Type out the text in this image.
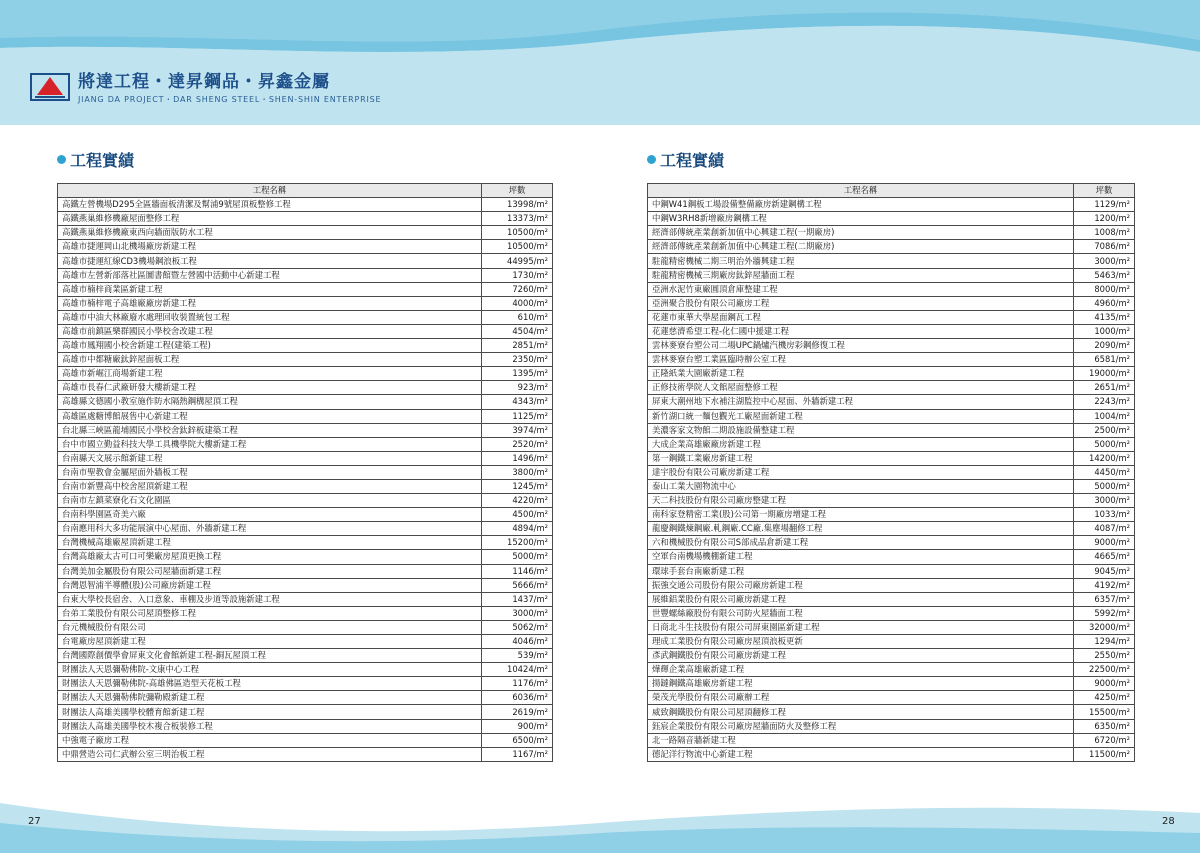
將達工程・達昇鋼品・昇鑫金屬
JIANG DA PROJECT・DAR SHENG STEEL・SHEN-SHIN ENTERPRISE
工程實績	工程實績
工程名稱	坪數
高鐵左營機場D295全區牆面板清潔及幫浦9號屋頂板整修工程	13998/m²
高鐵燕巢維修機廠屋面整修工程	13373/m²
高鐵燕巢維修機廠東西向牆面版防水工程	10500/m²
高雄市捷運岡山北機場廠房新建工程	10500/m²
高雄市捷運紅線CD3機場鋼浪板工程	44995/m²
高雄市左營新部落社區圖書館暨左營國中活動中心新建工程	1730/m²
高雄市楠梓商業區新建工程	7260/m²
高雄市楠梓電子高雄廠廠房新建工程	4000/m²
高雄市中油大林廠廢水處理回收裝置統包工程	610/m²
高雄市前鎮區樂群國民小學校舍改建工程	4504/m²
高雄市鳳翔國小校舍新建工程(建築工程)	2851/m²
高雄市中都糖廠鈦鋅屋面板工程	2350/m²
高雄市新崛江商場新建工程	1395/m²
高雄市長春仁武廠研發大樓新建工程	923/m²
高雄縣文德國小教室施作防水隔熱鋼構屋頂工程	4343/m²
高雄區處糖博館展售中心新建工程	1125/m²
台北縣三峽區龍埔國民小學校舍鈦鋅板建築工程	3974/m²
台中市國立勤益科技大學工具機學院大樓新建工程	2520/m²
台南縣天文展示館新建工程	1496/m²
台南市聖教會金屬屋面外牆板工程	3800/m²
台南市新豐高中校舍屋頂新建工程	1245/m²
台南市左鎮菜寮化石文化園區	4220/m²
台南科學園區奇美六廠	4500/m²
台南應用科大多功能展演中心屋面、外牆新建工程	4894/m²
台灣機械高雄廠屋頂新建工程	15200/m²
台灣高雄廠太古可口可樂廠房屋頂更換工程	5000/m²
台灣美加金屬股份有限公司屋牆面新建工程	1146/m²
台灣恩智浦半導體(股)公司廠房新建工程	5666/m²
台東大學校長宿舍、入口意象、車棚及步道等設施新建工程	1437/m²
台弟工業股份有限公司屋頂整修工程	3000/m²
台元機械股份有限公司	5062/m²
台電廠房屋頂新建工程	4046/m²
台灣國際創價學會屏東文化會館新建工程-銅瓦屋頂工程	539/m²
財團法人天恩彌勒佛院-文康中心工程	10424/m²
財團法人天恩彌勒佛院-高雄佛區造型天花板工程	1176/m²
財團法人天恩彌勒佛院彌勒殿新建工程	6036/m²
財團法人高雄美國學校體育館新建工程	2619/m²
財團法人高雄美國學校木複合板裝修工程	900/m²
中強電子廠房工程	6500/m²
中鼎營造公司仁武辦公室三明治板工程	1167/m²
工程名稱	坪數
中鋼W41鋼板工場設備整備廠房新建鋼構工程	1129/m²
中鋼W3RH8新增廠房鋼構工程	1200/m²
經濟部傳統產業創新加值中心興建工程(一期廠房)	1008/m²
經濟部傳統產業創新加值中心興建工程(二期廠房)	7086/m²
駐龍精密機械二期三明治外牆興建工程	3000/m²
駐龍精密機械三期廠房鈦鋅屋牆面工程	5463/m²
亞洲水泥竹東廠圓頂倉庫整建工程	8000/m²
亞洲聚合股份有限公司廠房工程	4960/m²
花蓮市東華大學屋面鋼瓦工程	4135/m²
花蓮慈濟希望工程-化仁國中援建工程	1000/m²
雲林麥寮台塑公司二場UPC鍋爐汽機房彩鋼修復工程	2090/m²
雲林麥寮台塑工業區臨時辦公室工程	6581/m²
正隆紙業大園廠新建工程	19000/m²
正修技術學院人文館屋面整修工程	2651/m²
屏東大潮州地下水補注湖監控中心屋面、外牆新建工程	2243/m²
新竹湖口統一麵包觀光工廠屋面新建工程	1004/m²
美濃客家文物館二期設施設備整建工程	2500/m²
大成企業高雄廠廠房新建工程	5000/m²
第一鋼鐵工業廠房新建工程	14200/m²
達宇股份有限公司廠房新建工程	4450/m²
泰山工業大園物流中心	5000/m²
天二科技股份有限公司廠房整建工程	3000/m²
南科家登精密工業(股)公司第一期廠房增建工程	1033/m²
龍慶鋼鐵煉鋼廠.軋鋼廠.CC廠.集塵場翻修工程	4087/m²
六和機械股份有限公司S部成品倉新建工程	9000/m²
空軍台南機場機棚新建工程	4665/m²
環球手套台南廠新建工程	9045/m²
振強交通公司股份有限公司廠房新建工程	4192/m²
展維鋁業股份有限公司廠房新建工程	6357/m²
世豐螺絲廠股份有限公司防火屋牆面工程	5992/m²
日商北斗生技股份有限公司屏東園區新建工程	32000/m²
理成工業股份有限公司廠房屋頂浪板更新	1294/m²
彥武鋼鐵股份有限公司廠房新建工程	2550/m²
燁輝企業高雄廠新建工程	22500/m²
揚鐽鋼鐵高雄廠房新建工程	9000/m²
榮茂光學股份有限公司廠辦工程	4250/m²
威致鋼鐵股份有限公司屋頂翻修工程	15500/m²
鈺宸企業股份有限公司廠房屋牆面防火及整修工程	6350/m²
北一路隔音牆新建工程	6720/m²
德記洋行物流中心新建工程	11500/m²
27	28
